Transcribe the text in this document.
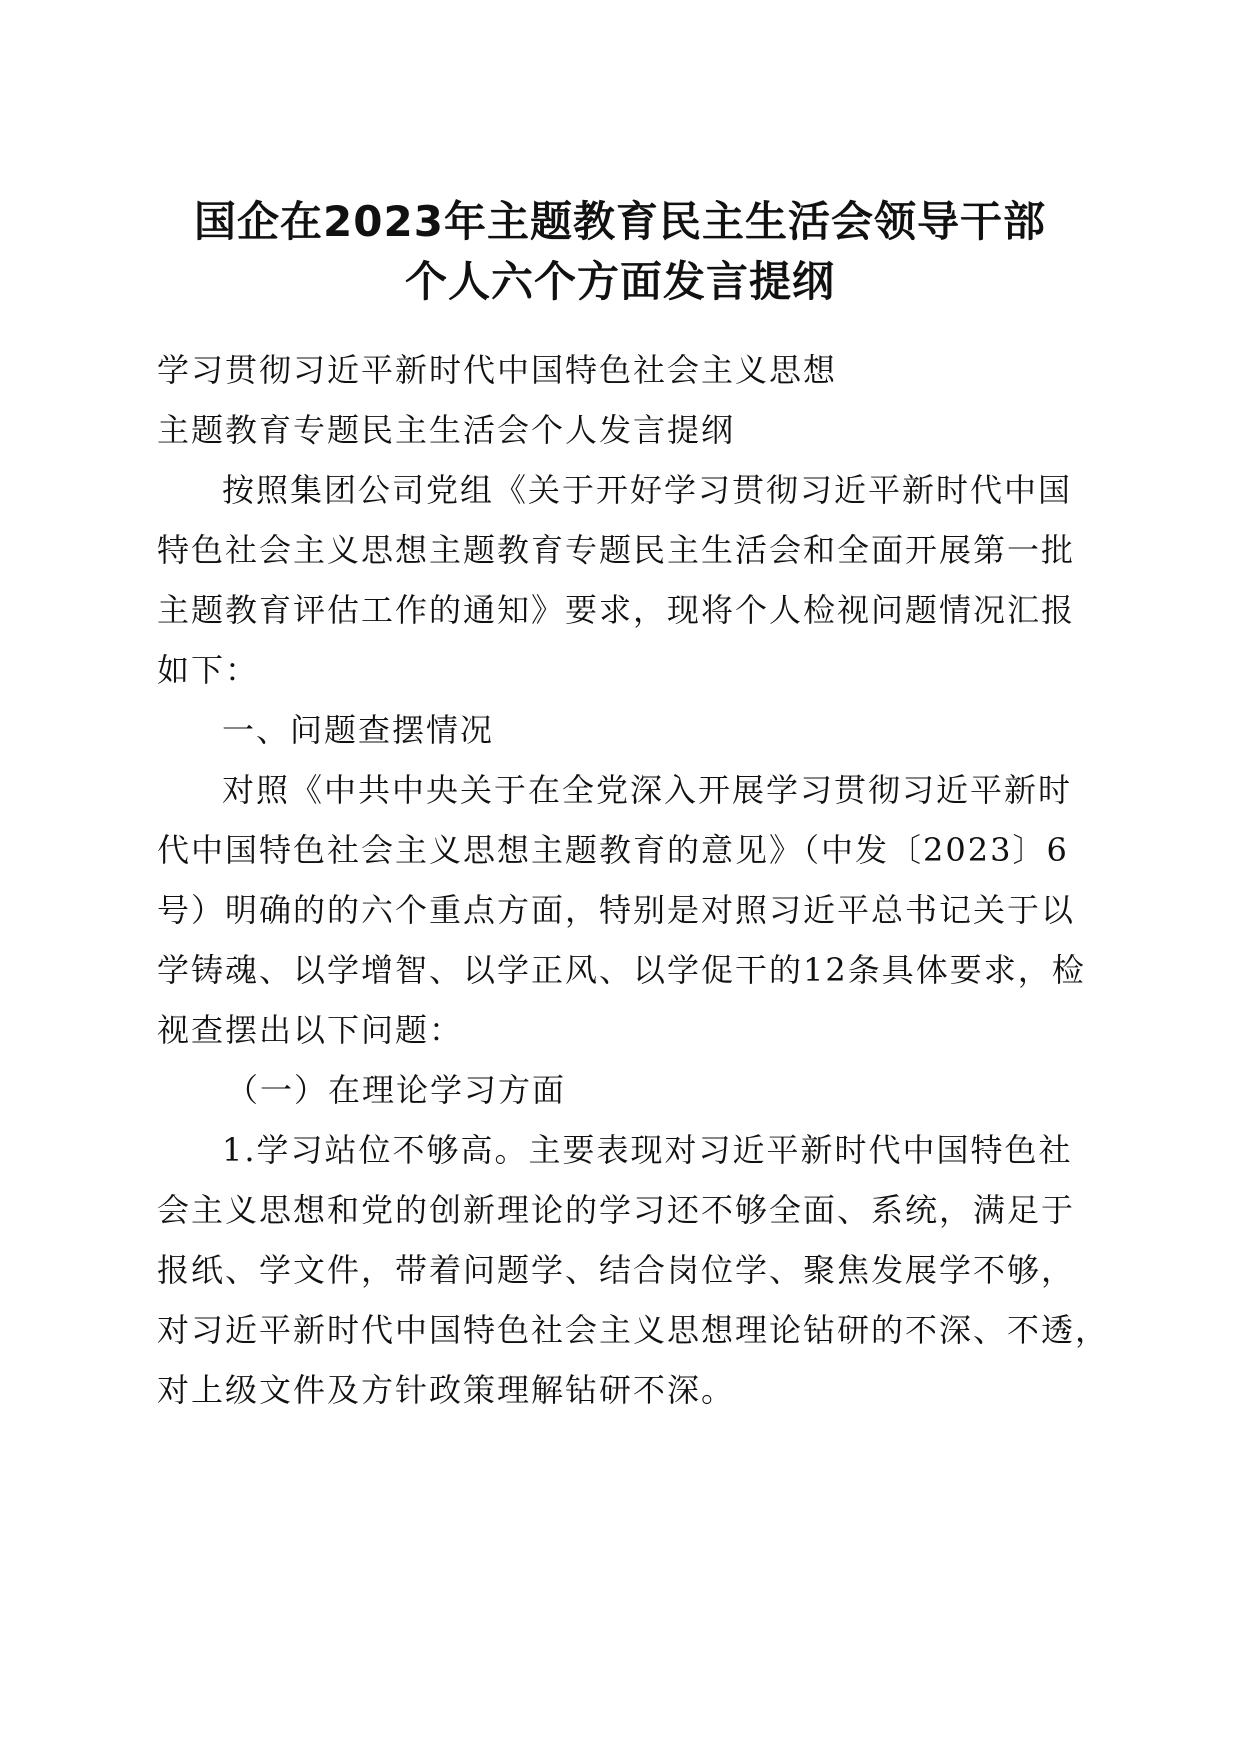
国企在2023年主题教育民主生活会领导干部
个人六个方面发言提纲
学习贯彻习近平新时代中国特色社会主义思想
主题教育专题民主生活会个人发言提纲
按照集团公司党组《关于开好学习贯彻习近平新时代中国
特色社会主义思想主题教育专题民主生活会和全面开展第一批
主题教育评估工作的通知》要求，现将个人检视问题情况汇报
如下：
一、问题查摆情况
对照《中共中央关于在全党深入开展学习贯彻习近平新时
代中国特色社会主义思想主题教育的意见》（中发〔2023〕6
号）明确的的六个重点方面，特别是对照习近平总书记关于以
学铸魂、以学增智、以学正风、以学促干的12条具体要求，检
视查摆出以下问题：
（一）在理论学习方面
1.学习站位不够高。主要表现对习近平新时代中国特色社
会主义思想和党的创新理论的学习还不够全面、系统，满足于
报纸、学文件，带着问题学、结合岗位学、聚焦发展学不够，
对习近平新时代中国特色社会主义思想理论钻研的不深、不透，
对上级文件及方针政策理解钻研不深。
